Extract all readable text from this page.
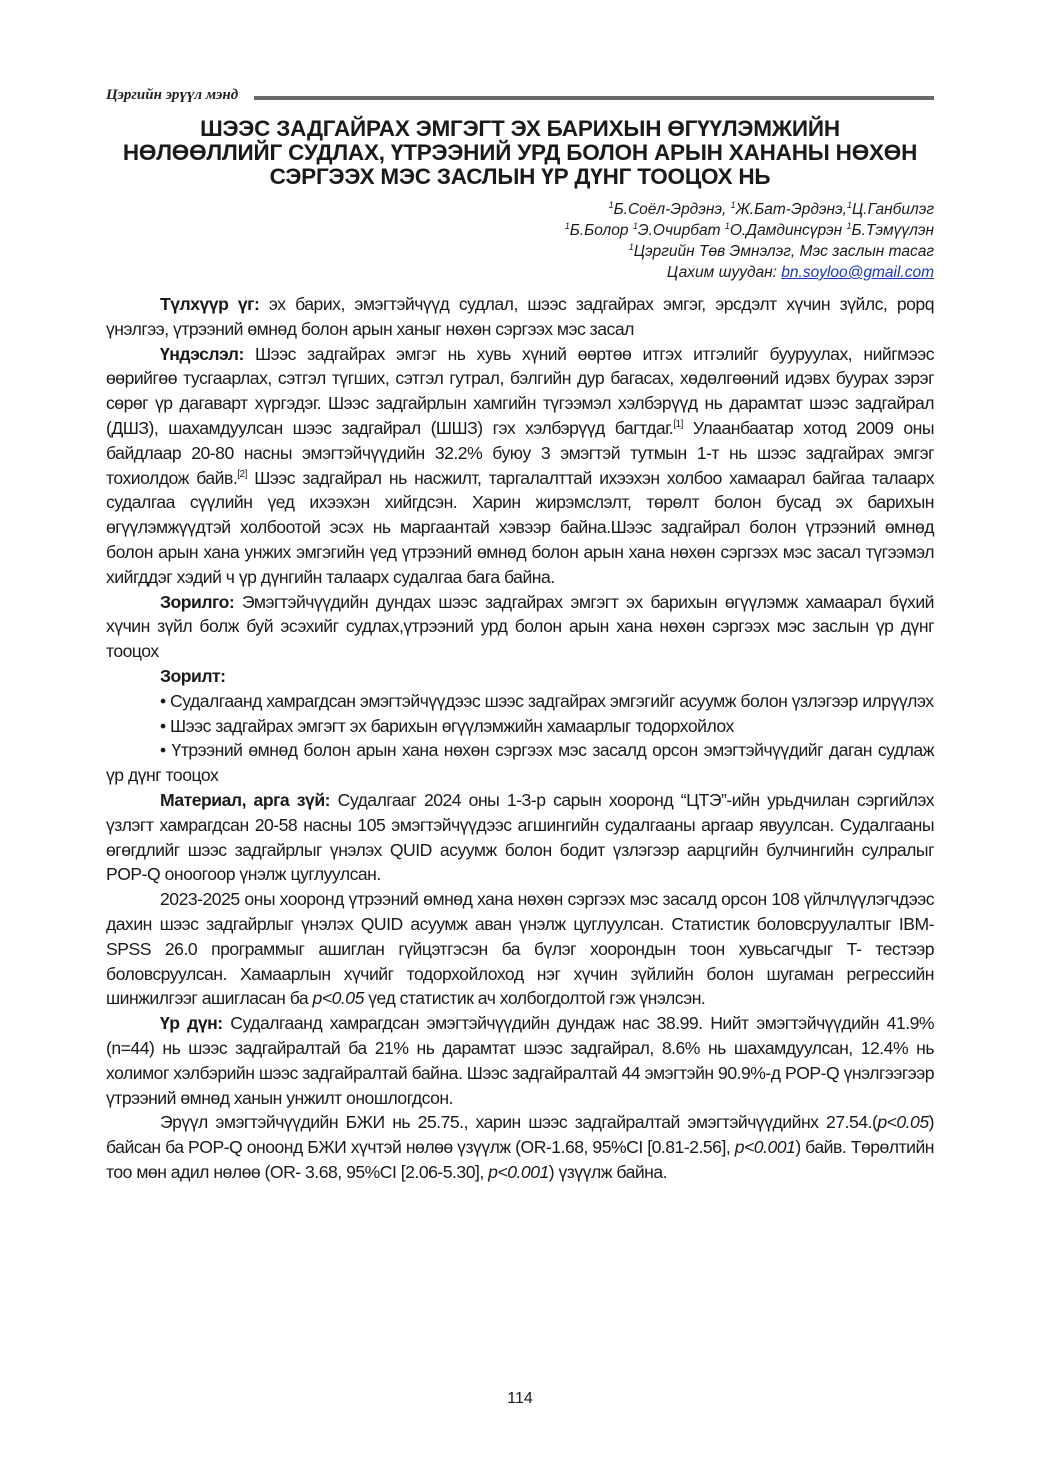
Цэргийн эрүүл мэнд
ШЭЭС ЗАДГАЙРАХ ЭМГЭГТ ЭХ БАРИХЫН ӨГҮҮЛЭМЖИЙН
НӨЛӨӨЛЛИЙГ СУДЛАХ, ҮТРЭЭНИЙ УРД БОЛОН АРЫН ХАНАНЫ НӨХӨН
СЭРГЭЭХ МЭС ЗАСЛЫН ҮР ДҮНГ ТООЦОХ НЬ
$^1$Б.Соёл-Эрдэнэ, $^1$Ж.Бат-Эрдэнэ,$^1$Ц.Ганбилэг
$^1$Б.Болор $^1$Э.Очирбат $^1$О.Дамдинсүрэн $^1$Б.Тэмүүлэн
$^1$Цэргийн Төв Эмнэлэг, Мэс заслын тасаг
Цахим шуудан: bn.soyloo@gmail.com

Түлхүүр үг: эх барих, эмэгтэйчүүд судлал, шээс задгайрах эмгэг, эрсдэлт хүчин зүйлс, popq үнэлгээ, үтрээний өмнөд болон арын ханыг нөхөн сэргээх мэс засал

Үндэслэл: Шээс задгайрах эмгэг нь хувь хүний өөртөө итгэх итгэлийг бууруулах, нийгмээс өөрийгөө тусгаарлах, сэтгэл түгших, сэтгэл гутрал, бэлгийн дур багасах, хөдөлгөөний идэвх буурах зэрэг сөрөг үр дагаварт хүргэдэг. Шээс задгайрлын хамгийн түгээмэл хэлбэрүүд нь дарамтат шээс задгайрал (ДШЗ), шахамдуулсан шээс задгайрал (ШШЗ) гэх хэлбэрүүд багтдаг.[1] Улаанбаатар хотод 2009 оны байдлаар 20-80 насны эмэгтэйчүүдийн 32.2% буюу 3 эмэгтэй тутмын 1-т нь шээс задгайрах эмгэг тохиолдож байв.[2] Шээс задгайрал нь насжилт, таргалалттай ихээхэн холбоо хамаарал байгаа талаарх судалгаа сүүлийн үед ихээхэн хийгдсэн. Харин жирэмслэлт, төрөлт болон бусад эх барихын өгүүлэмжүүдтэй холбоотой эсэх нь маргаантай хэвээр байна.Шээс задгайрал болон үтрээний өмнөд болон арын хана унжих эмгэгийн үед үтрээний өмнөд болон арын хана нөхөн сэргээх мэс засал түгээмэл хийгддэг хэдий ч үр дүнгийн талаарх судалгаа бага байна.

Зорилго: Эмэгтэйчүүдийн дундах шээс задгайрах эмгэгт эх барихын өгүүлэмж хамаарал бүхий хүчин зүйл болж буй эсэхийг судлах,үтрээний урд болон арын хана нөхөн сэргээх мэс заслын үр дүнг тооцох

Зорилт:

• Судалгаанд хамрагдсан эмэгтэйчүүдээс шээс задгайрах эмгэгийг асуумж болон үзлэгээр илрүүлэх

• Шээс задгайрах эмгэгт эх барихын өгүүлэмжийн хамаарлыг тодорхойлох

• Үтрээний өмнөд болон арын хана нөхөн сэргээх мэс засалд орсон эмэгтэйчүүдийг даган судлаж үр дүнг тооцох

Материал, арга зүй: Судалгааг 2024 оны 1-3-р сарын хооронд “ЦТЭ”-ийн урьдчилан сэргийлэх үзлэгт хамрагдсан 20-58 насны 105 эмэгтэйчүүдээс агшингийн судалгааны аргаар явуулсан. Судалгааны өгөгдлийг шээс задгайрлыг үнэлэх QUID асуумж болон бодит үзлэгээр аарцгийн булчингийн сулралыг POP-Q оноогоор үнэлж цуглуулсан.

2023-2025 оны хооронд үтрээний өмнөд хана нөхөн сэргээх мэс засалд орсон 108 үйлчлүүлэгчдээс дахин шээс задгайрлыг үнэлэх QUID асуумж аван үнэлж цуглуулсан. Статистик боловсруулалтыг IBM-SPSS 26.0 программыг ашиглан гүйцэтгэсэн ба бүлэг хоорондын тоон хувьсагчдыг T- тестээр боловсруулсан. Хамаарлын хүчийг тодорхойлоход нэг хүчин зүйлийн болон шугаман регрессийн шинжилгээг ашигласан ба p<0.05 үед статистик ач холбогдолтой гэж үнэлсэн.

Үр дүн: Судалгаанд хамрагдсан эмэгтэйчүүдийн дундаж нас 38.99. Нийт эмэгтэйчүүдийн 41.9% (n=44) нь шээс задгайралтай ба 21% нь дарамтат шээс задгайрал, 8.6% нь шахамдуулсан, 12.4% нь холимог хэлбэрийн шээс задгайралтай байна. Шээс задгайралтай 44 эмэгтэйн 90.9%-д POP-Q үнэлгээгээр үтрээний өмнөд ханын унжилт оношлогдсон.

Эрүүл эмэгтэйчүүдийн БЖИ нь 25.75., харин шээс задгайралтай эмэгтэйчүүдийнх 27.54.(p<0.05) байсан ба POP-Q оноонд БЖИ хүчтэй нөлөө үзүүлж (OR-1.68, 95%CI [0.81-2.56], p<0.001) байв. Төрөлтийн тоо мөн адил нөлөө (OR- 3.68, 95%CI [2.06-5.30], p<0.001) үзүүлж байна.

114
